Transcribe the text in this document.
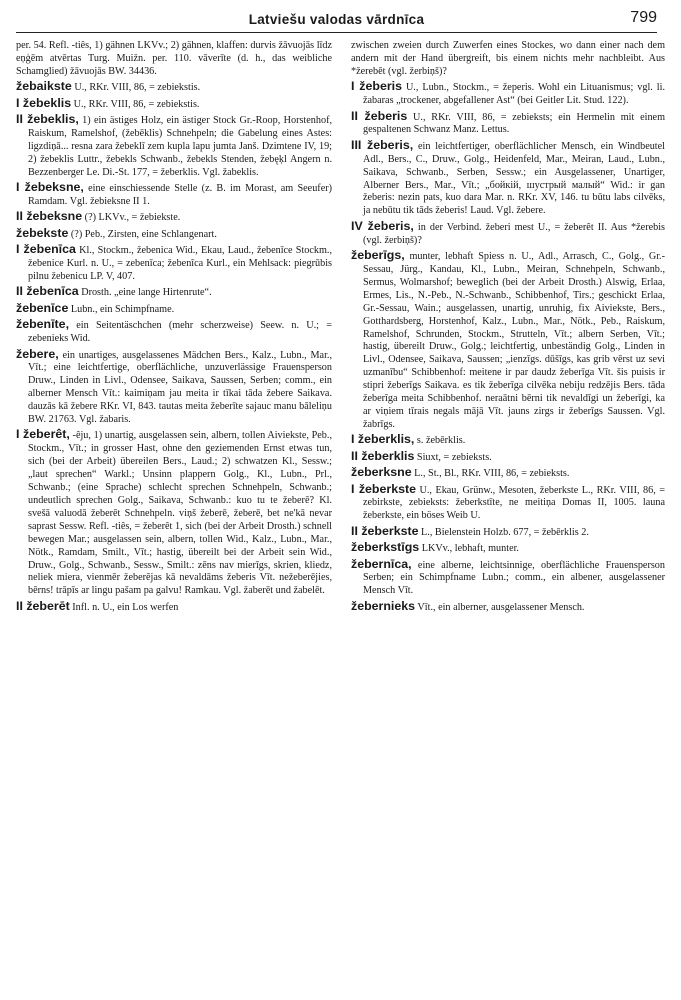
Latviešu valodas vārdnīca	799

per. 54. Refl. -tiês, 1) gähnen LKVv.; 2) gähnen, klaffen: durvis žāvuojās līdz eņģēm atvērtas Turg. Muižn. per. 110. vāverīte (d. h., das weibliche Schamglied) žāvuojās BW. 34436.

žebaikste U., RKr. VIII, 86, = zebiekstis.

I žebeklis U., RKr. VIII, 86, = zebiekstis.

II žebeklis, 1) ein ästiges Holz, ein ästiger Stock Gr.-Roop, Horstenhof, Raiskum, Ramelshof, (žebēklis) Schnehpeln; die Gabelung eines Astes: ligzdiņā... resna zara žebeklī zem kupla lapu jumta Janš. Dzimtene IV, 19; 2) žebeklis Luttr., žebekls Schwanb., žebekls Stenden, žebęķl Angern n. Bezzenberger Le. Di.-St. 177, = žeberklis. Vgl. žabeklis.

I žebeksne, eine einschiessende Stelle (z. B. im Morast, am Seeufer) Ramdam. Vgl. žebieksne II 1.

II žebeksne (?) LKVv., = žebiekste.

žebekste (?) Peb., Zirsten, eine Schlangenart.

I žebenīca Kl., Stockm., žebenica Wid., Ekau, Laud., žebenīce Stockm., žebenice Kurl. n. U., = zebenīca; žebenīca Kurl., ein Mehlsack: piegrūbis pilnu žebenicu LP. V, 407.

II žebenīca Drosth. „eine lange Hirtenrute“.

žebenīce Lubn., ein Schimpfname.

žebenīte, ein Seitentäschchen (mehr scherzweise) Seew. n. U.; = zebenieks Wid.

žebere, ein unartiges, ausgelassenes Mädchen Bers., Kalz., Lubn., Mar., Vīt.; eine leichtfertige, oberflächliche, unzuverlässige Frauensperson Druw., Linden in Livl., Odensee, Saikava, Saussen, Serben; comm., ein alberner Mensch Vīt.: kaimiņam jau meita ir tīkai tāda žebere Saikava. dauzās kā žebere RKr. VI, 843. tautas meita žeberīte sajauc manu bāleliņu BW. 21763. Vgl. žabaris.

I žeberêt, -êju, 1) unartig, ausgelassen sein, albern, tollen Aiviekste, Peb., Stockm., Vīt.; in grosser Hast, ohne den geziemenden Ernst etwas tun, sich (bei der Arbeit) übereilen Bers., Laud.; 2) schwatzen Kl., Sessw.; „laut sprechen“ Warkl.; Unsinn plappern Golg., Kl., Lubn., Prl., Schwanb.; (eine Sprache) schlecht sprechen Schnehpeln, Schwanb.; undeutlich sprechen Golg., Saikava, Schwanb.: kuo tu te žeberē? Kl. svešā valuodā žeberēt Schnehpeln. viņš žeberē, žeberē, bet ne'kā nevar saprast Sessw. Refl. -tiês, = žeberêt 1, sich (bei der Arbeit Drosth.) schnell bewegen Mar.; ausgelassen sein, albern, tollen Wid., Kalz., Lubn., Mar., Nötk., Ramdam, Smilt., Vīt.; hastig, übereilt bei der Arbeit sein Wid., Druw., Golg., Schwanb., Sessw., Smilt.: zēns nav mierīgs, skrien, kliedz, neliek miera, vienmēr žeberējas kā nevaldāms žeberis Vīt. nežeberējies, bērns! trāpīs ar lingu pašam pa galvu! Ramkau. Vgl. žaberēt und žabelēt.

II žeberēt Infl. n. U., ein Los werfen

zwischen zweien durch Zuwerfen eines Stockes, wo dann einer nach dem andern mit der Hand übergreift, bis einem nichts mehr nachbleibt. Aus *žerebēt (vgl. žerbiņš)?

I žeberis U., Lubn., Stockm., = žeperis. Wohl ein Lituanismus; vgl. li. žabaras „trockener, abgefallener Ast“ (bei Geitler Lit. Stud. 122).

II žeberis U., RKr. VIII, 86, = zebieksts; ein Hermelin mit einem gespaltenen Schwanz Manz. Lettus.

III žeberis, ein leichtfertiger, oberflächlicher Mensch, ein Windbeutel Adl., Bers., C., Druw., Golg., Heidenfeld, Mar., Meiran, Laud., Lubn., Saikava, Schwanb., Serben, Sessw.; ein Ausgelassener, Unartiger, Alberner Bers., Mar., Vīt.; „бойкій, шустрый малый“ Wid.: ir gan žeberis: nezin pats, kuo dara Mar. n. RKr. XV, 146. tu būtu labs cilvēks, ja nebūtu tik tāds žeberis! Laud. Vgl. žebere.

IV žeberis, in der Verbind. žeberi mest U., = žeberêt II. Aus *žerebis (vgl. žerbiņš)?

žeberīgs, munter, lebhaft Spiess n. U., Adl., Arrasch, C., Golg., Gr.-Sessau, Jürg., Kandau, Kl., Lubn., Meiran, Schnehpeln, Schwanb., Sermus, Wolmarshof; beweglich (bei der Arbeit Drosth.) Alswig, Erlaa, Ermes, Lis., N.-Peb., N.-Schwanb., Schibbenhof, Tirs.; geschickt Erlaa, Gr.-Sessau, Wain.; ausgelassen, unartig, unruhig, fix Aiviekste, Bers., Gotthardsberg, Horstenhof, Kalz., Lubn., Mar., Nötk., Peb., Raiskum, Ramelshof, Schrunden, Stockm., Strutteln, Vīt.; albern Serben, Vīt.; hastig, übereilt Druw., Golg.; leichtfertig, unbeständig Golg., Linden in Livl., Odensee, Saikava, Saussen; „ienzīgs. dūšīgs, kas grib vērst uz sevi uzmanību“ Schibbenhof: meitene ir par daudz žeberīga Vīt. šis puisis ir stipri žeberīgs Saikava. es tik žeberīga cilvēka nebiju redzējis Bers. tāda žeberīga meita Schibbenhof. neraātni bērni tik nevaldīgi un žeberīgi, ka ar viņiem tīrais negals mājā Vīt. jauns zirgs ir žeberīgs Saussen. Vgl. žabrīgs.

I žeberklis, s. žebērklis.

II žeberklis Siuxt, = zebieksts.

žeberksne L., St., Bl., RKr. VIII, 86, = zebieksts.

I žeberkste U., Ekau, Grünw., Mesoten, žeberkste L., RKr. VIII, 86, = zebirkste, zebieksts: žeberkstīte, ne meitiņa Domas II, 1005. launa žeberkste, ein böses Weib U.

II žeberkste L., Bielenstein Holzb. 677, = žebērklis 2.

žeberkstīgs LKVv., lebhaft, munter.

žebernīca, eine alberne, leichtsinnige, oberflächliche Frauensperson Serben; ein Schimpfname Lubn.; comm., ein albener, ausgelassener Mensch Vīt.

žebernieks Vīt., ein alberner, ausgelassener Mensch.
